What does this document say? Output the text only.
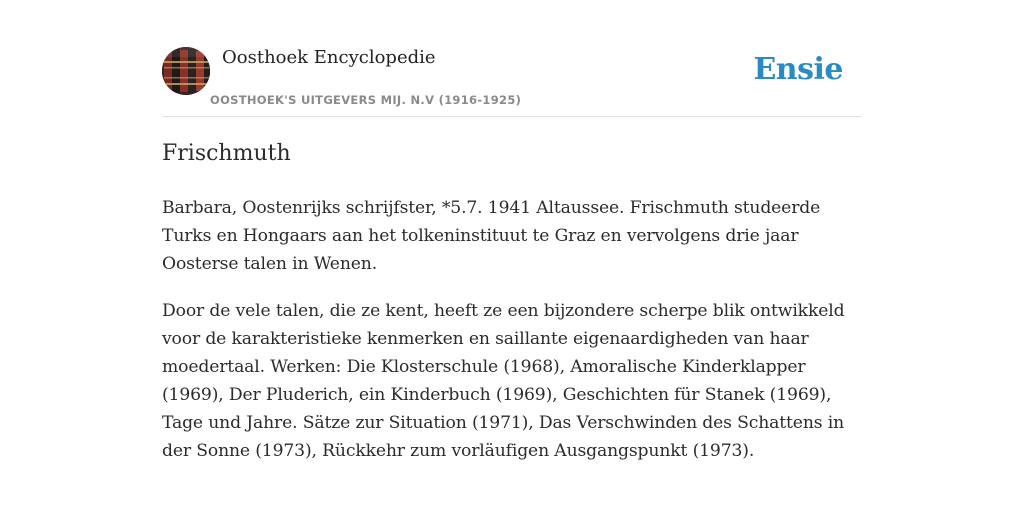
Oosthoek Encyclopedie
OOSTHOEK'S UITGEVERS MIJ. N.V (1916-1925)
Ensie
Frischmuth

Barbara, Oostenrijks schrijfster, *5.7. 1941 Altaussee. Frischmuth studeerde Turks en Hongaars aan het tolkeninstituut te Graz en vervolgens drie jaar Oosterse talen in Wenen.

Door de vele talen, die ze kent, heeft ze een bijzondere scherpe blik ontwikkeld voor de karakteristieke kenmerken en saillante eigenaardigheden van haar moedertaal. Werken: Die Klosterschule (1968), Amoralische Kinderklapper (1969), Der Pluderich, ein Kinderbuch (1969), Geschichten für Stanek (1969), Tage und Jahre. Sätze zur Situation (1971), Das Verschwinden des Schattens in der Sonne (1973), Rückkehr zum vorläufigen Ausgangspunkt (1973).
